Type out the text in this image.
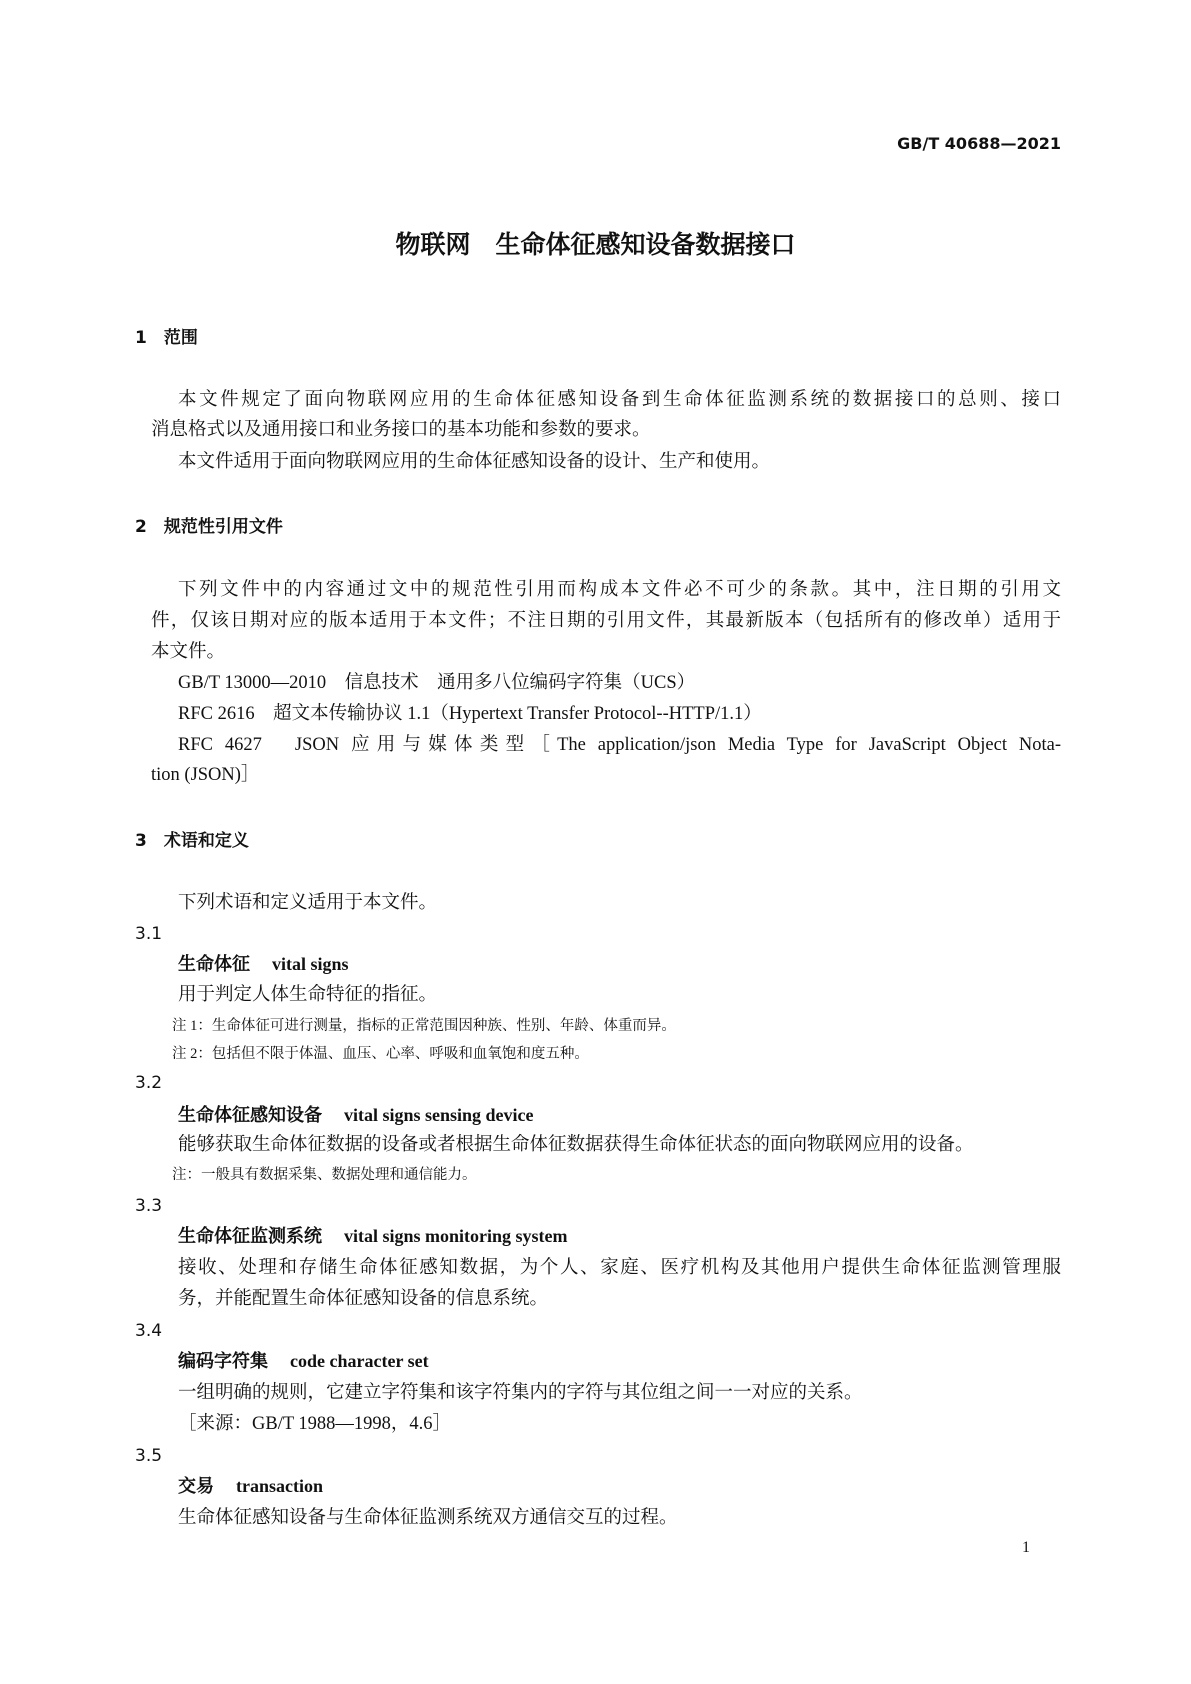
GB/T 40688—2021
物联网　生命体征感知设备数据接口
1　范围
本文件规定了面向物联网应用的生命体征感知设备到生命体征监测系统的数据接口的总则、接口
消息格式以及通用接口和业务接口的基本功能和参数的要求。
本文件适用于面向物联网应用的生命体征感知设备的设计、生产和使用。
2　规范性引用文件
下列文件中的内容通过文中的规范性引用而构成本文件必不可少的条款。其中，注日期的引用文
件，仅该日期对应的版本适用于本文件；不注日期的引用文件，其最新版本（包括所有的修改单）适用于
本文件。
GB/T 13000—2010　信息技术　通用多八位编码字符集（UCS）
RFC 2616　超文本传输协议 1.1（Hypertext Transfer Protocol--HTTP/1.1）
RFC 4627　JSON 应用与媒体类型［The application/json Media Type for JavaScript Object Nota-
tion (JSON)］
3　术语和定义
下列术语和定义适用于本文件。
3.1
生命体征 vital signs
用于判定人体生命特征的指征。
注 1：生命体征可进行测量，指标的正常范围因种族、性别、年龄、体重而异。
注 2：包括但不限于体温、血压、心率、呼吸和血氧饱和度五种。
3.2
生命体征感知设备 vital signs sensing device
能够获取生命体征数据的设备或者根据生命体征数据获得生命体征状态的面向物联网应用的设备。
注：一般具有数据采集、数据处理和通信能力。
3.3
生命体征监测系统 vital signs monitoring system
接收、处理和存储生命体征感知数据，为个人、家庭、医疗机构及其他用户提供生命体征监测管理服
务，并能配置生命体征感知设备的信息系统。
3.4
编码字符集 code character set
一组明确的规则，它建立字符集和该字符集内的字符与其位组之间一一对应的关系。
［来源：GB/T 1988—1998，4.6］
3.5
交易 transaction
生命体征感知设备与生命体征监测系统双方通信交互的过程。
1
